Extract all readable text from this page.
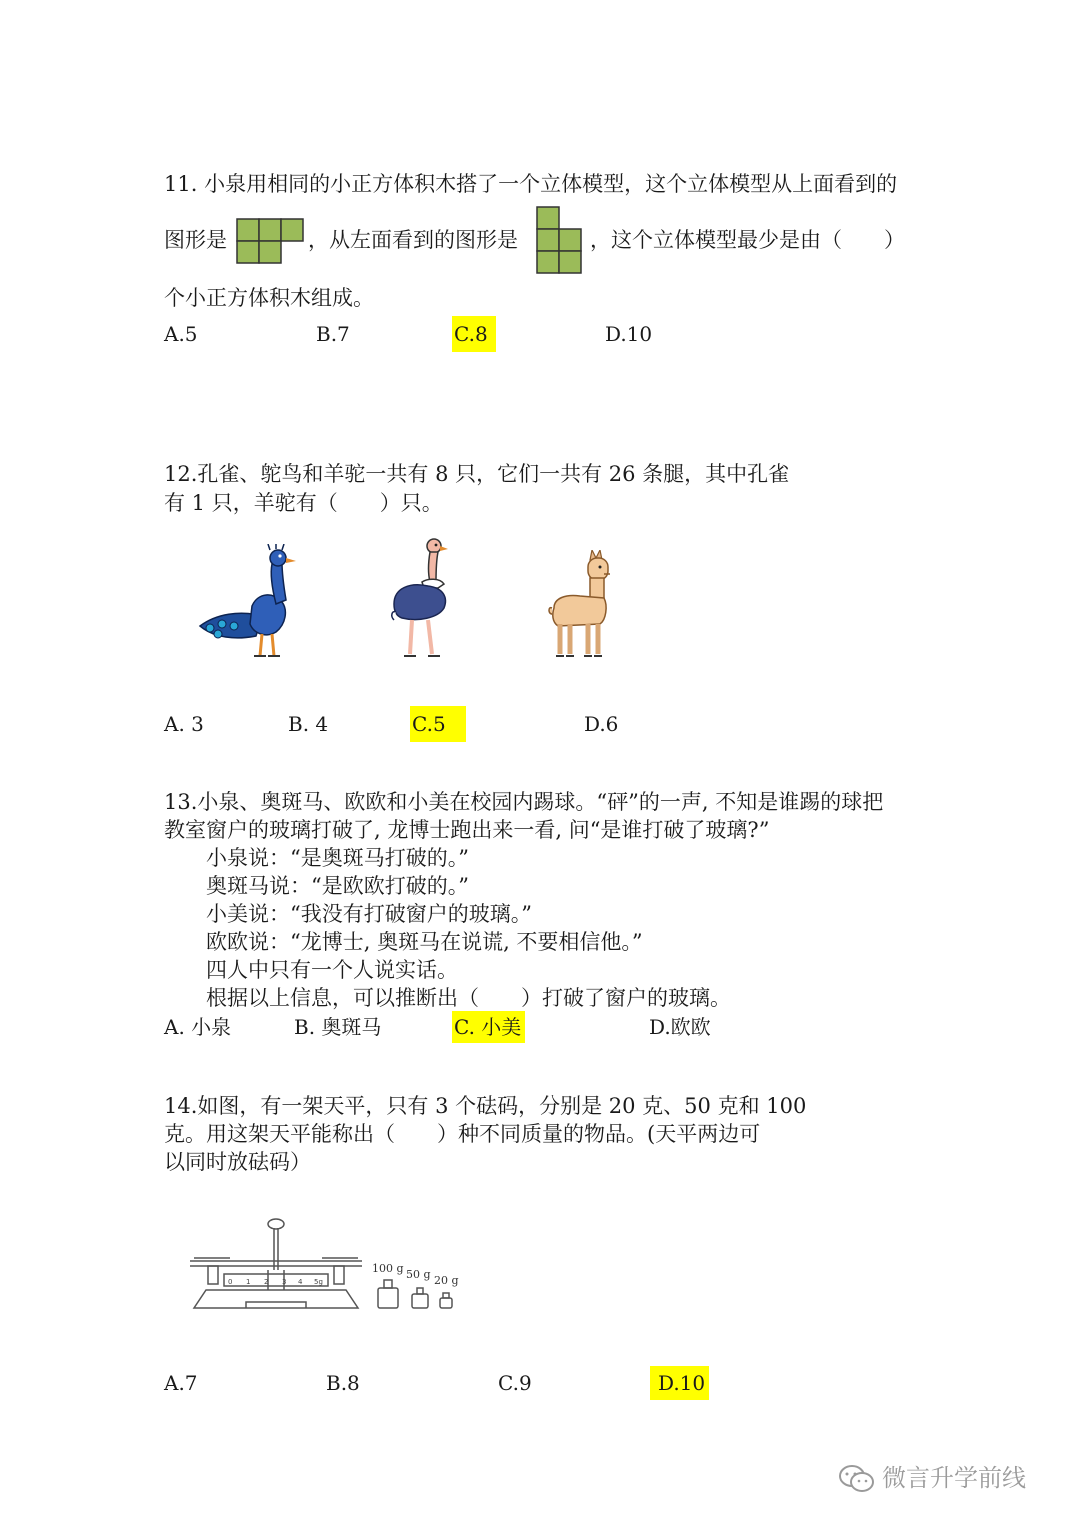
11. 小泉用相同的小正方体积木搭了一个立体模型，这个立体模型从上面看到的
图形是	，从左面看到的图形是	，这个立体模型最少是由（　　）
个小正方体积木组成。
A.5	B.7	C.8	D.10
12.孔雀、鸵鸟和羊驼一共有 8 只，它们一共有 26 条腿，其中孔雀
有 1 只，羊驼有（　　）只。
A. 3	B. 4	C.5	D.6
13.小泉、奥斑马、欧欧和小美在校园内踢球。“砰”的一声, 不知是谁踢的球把
教室窗户的玻璃打破了, 龙博士跑出来一看, 问“是谁打破了玻璃?”
小泉说：“是奥斑马打破的。”
奥斑马说：“是欧欧打破的。”
小美说：“我没有打破窗户的玻璃。”
欧欧说：“龙博士, 奥斑马在说谎, 不要相信他。”
四人中只有一个人说实话。
根据以上信息，可以推断出（　　）打破了窗户的玻璃。
A. 小泉	B. 奥斑马	C. 小美	D.欧欧
14.如图，有一架天平，只有 3 个砝码，分别是 20 克、50 克和 100
克。用这架天平能称出（　　）种不同质量的物品。(天平两边可
以同时放砝码）
0 1 2 3 4 5g
100 g 50 g 20 g
A.7	B.8	C.9	D.10
微言升学前线
